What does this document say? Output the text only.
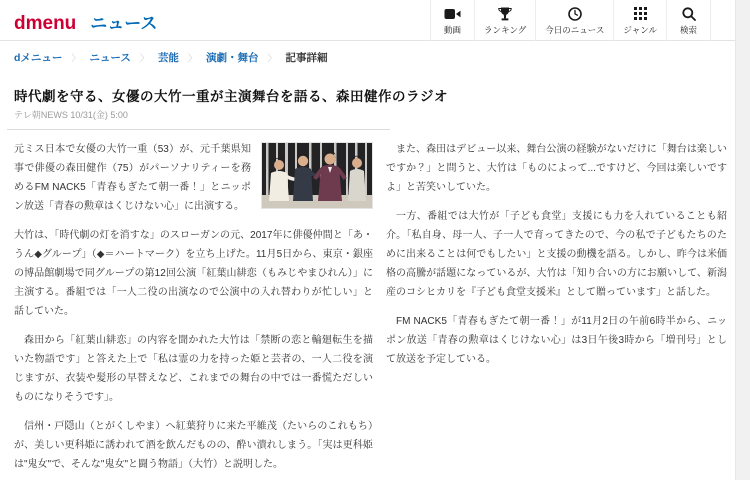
dmenu ニュース	動画	ランキング 今日のニュース ジャンル	検索
dメニュー 〉 ニュース 〉 芸能 〉 演劇・舞台 〉 記事詳細
時代劇を守る、女優の大竹一重が主演舞台を語る、森田健作のラジオ
テレ朝NEWS 10/31(金) 5:00

元ミス日本で女優の大竹一重（53）が、元千葉県知事で俳優の森田健作（75）がパーソナリティーを務めるFM NACK5「青春もぎたて朝一番！」とニッポン放送「青春の勲章はくじけない心」に出演する。

大竹は、「時代劇の灯を消すな」のスローガンの元、2017年に俳優仲間と「あ・うん◆グループ」（◆＝ハートマーク）を立ち上げた。11月5日から、東京・銀座の博品館劇場で同グループの第12回公演「紅葉山緋恋（もみじやまひれん）」に主演する。番組では「一人二役の出演なので公演中の入れ替わりが忙しい」と話していた。

森田から「紅葉山緋恋」の内容を聞かれた大竹は「禁断の恋と輪廻転生を描いた物語です」と答えた上で「私は霊の力を持った姫と芸者の、一人二役を演じますが、衣装や髪形の早替えなど、これまでの舞台の中では一番慌ただしいものになりそうです」。

信州・戸隠山（とがくしやま）へ紅葉狩りに来た平維茂（たいらのこれもち）が、美しい更科姫に誘われて酒を飲んだものの、酔い潰れしまう。「実は更科姫は"鬼女"で、そんな"鬼女"と闘う物語」（大竹）と説明した。

また、森田はデビュー以来、舞台公演の経験がないだけに「舞台は楽しいですか？」と問うと、大竹は「ものによって...ですけど、今回は楽しいですよ」と苦笑いしていた。

一方、番組では大竹が「子ども食堂」支援にも力を入れていることも紹介。「私自身、母一人、子一人で育ってきたので、今の私で子どもたちのために出来ることは何でもしたい」と支援の動機を語る。しかし、昨今は米価格の高騰が話題になっているが、大竹は「知り合いの方にお願いして、新潟産のコシヒカリを『子ども食堂支援米』として贈っています」と話した。

FM NACK5「青春もぎたて朝一番！」が11月2日の午前6時半から、ニッポン放送「青春の勲章はくじけない心」は3日午後3時から「増刊号」として放送を予定している。
